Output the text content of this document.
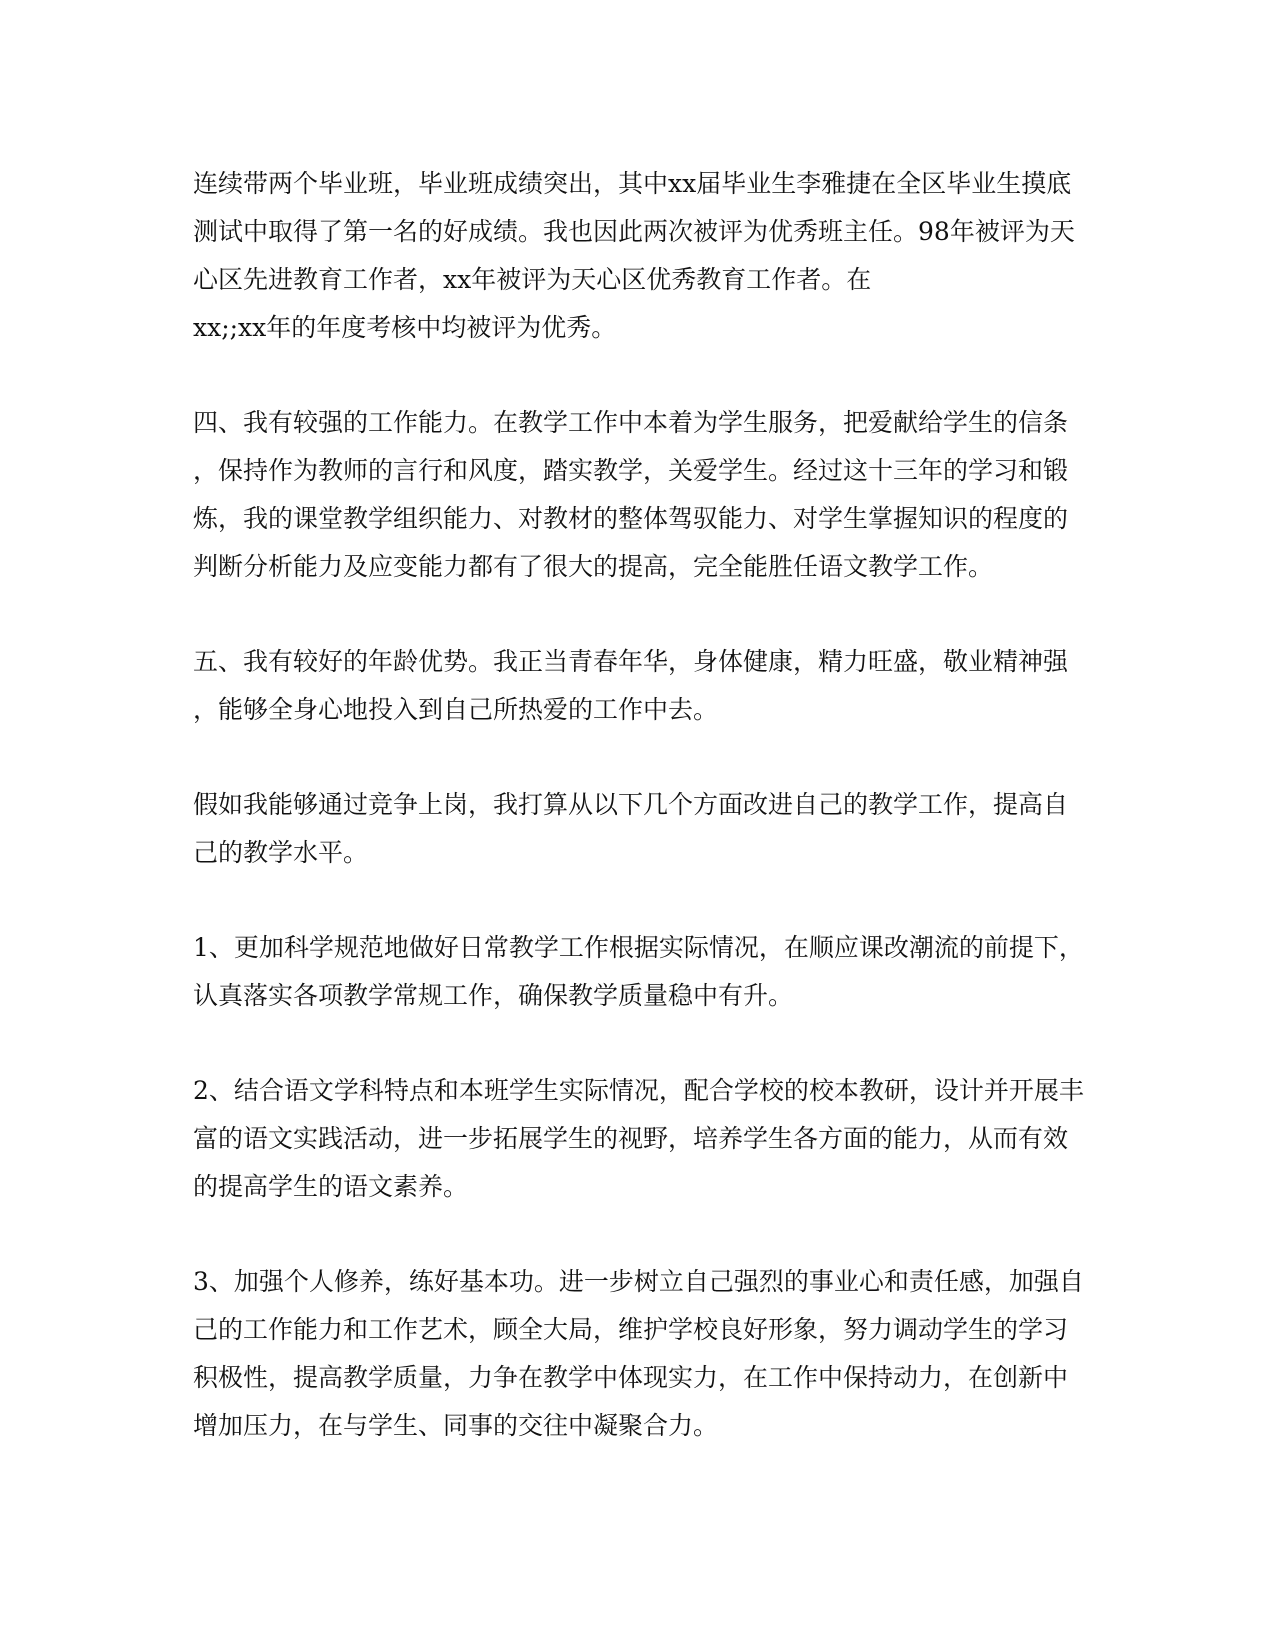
连续带两个毕业班，毕业班成绩突出，其中xx届毕业生李雅捷在全区毕业生摸底
测试中取得了第一名的好成绩。我也因此两次被评为优秀班主任。98年被评为天
心区先进教育工作者，xx年被评为天心区优秀教育工作者。在
xx;;xx年的年度考核中均被评为优秀。

四、我有较强的工作能力。在教学工作中本着为学生服务，把爱献给学生的信条
，保持作为教师的言行和风度，踏实教学，关爱学生。经过这十三年的学习和锻
炼，我的课堂教学组织能力、对教材的整体驾驭能力、对学生掌握知识的程度的
判断分析能力及应变能力都有了很大的提高，完全能胜任语文教学工作。

五、我有较好的年龄优势。我正当青春年华，身体健康，精力旺盛，敬业精神强
，能够全身心地投入到自己所热爱的工作中去。

假如我能够通过竞争上岗，我打算从以下几个方面改进自己的教学工作，提高自
己的教学水平。

1、更加科学规范地做好日常教学工作根据实际情况，在顺应课改潮流的前提下，
认真落实各项教学常规工作，确保教学质量稳中有升。

2、结合语文学科特点和本班学生实际情况，配合学校的校本教研，设计并开展丰
富的语文实践活动，进一步拓展学生的视野，培养学生各方面的能力，从而有效
的提高学生的语文素养。

3、加强个人修养，练好基本功。进一步树立自己强烈的事业心和责任感，加强自
己的工作能力和工作艺术，顾全大局，维护学校良好形象，努力调动学生的学习
积极性，提高教学质量，力争在教学中体现实力，在工作中保持动力，在创新中
增加压力，在与学生、同事的交往中凝聚合力。
